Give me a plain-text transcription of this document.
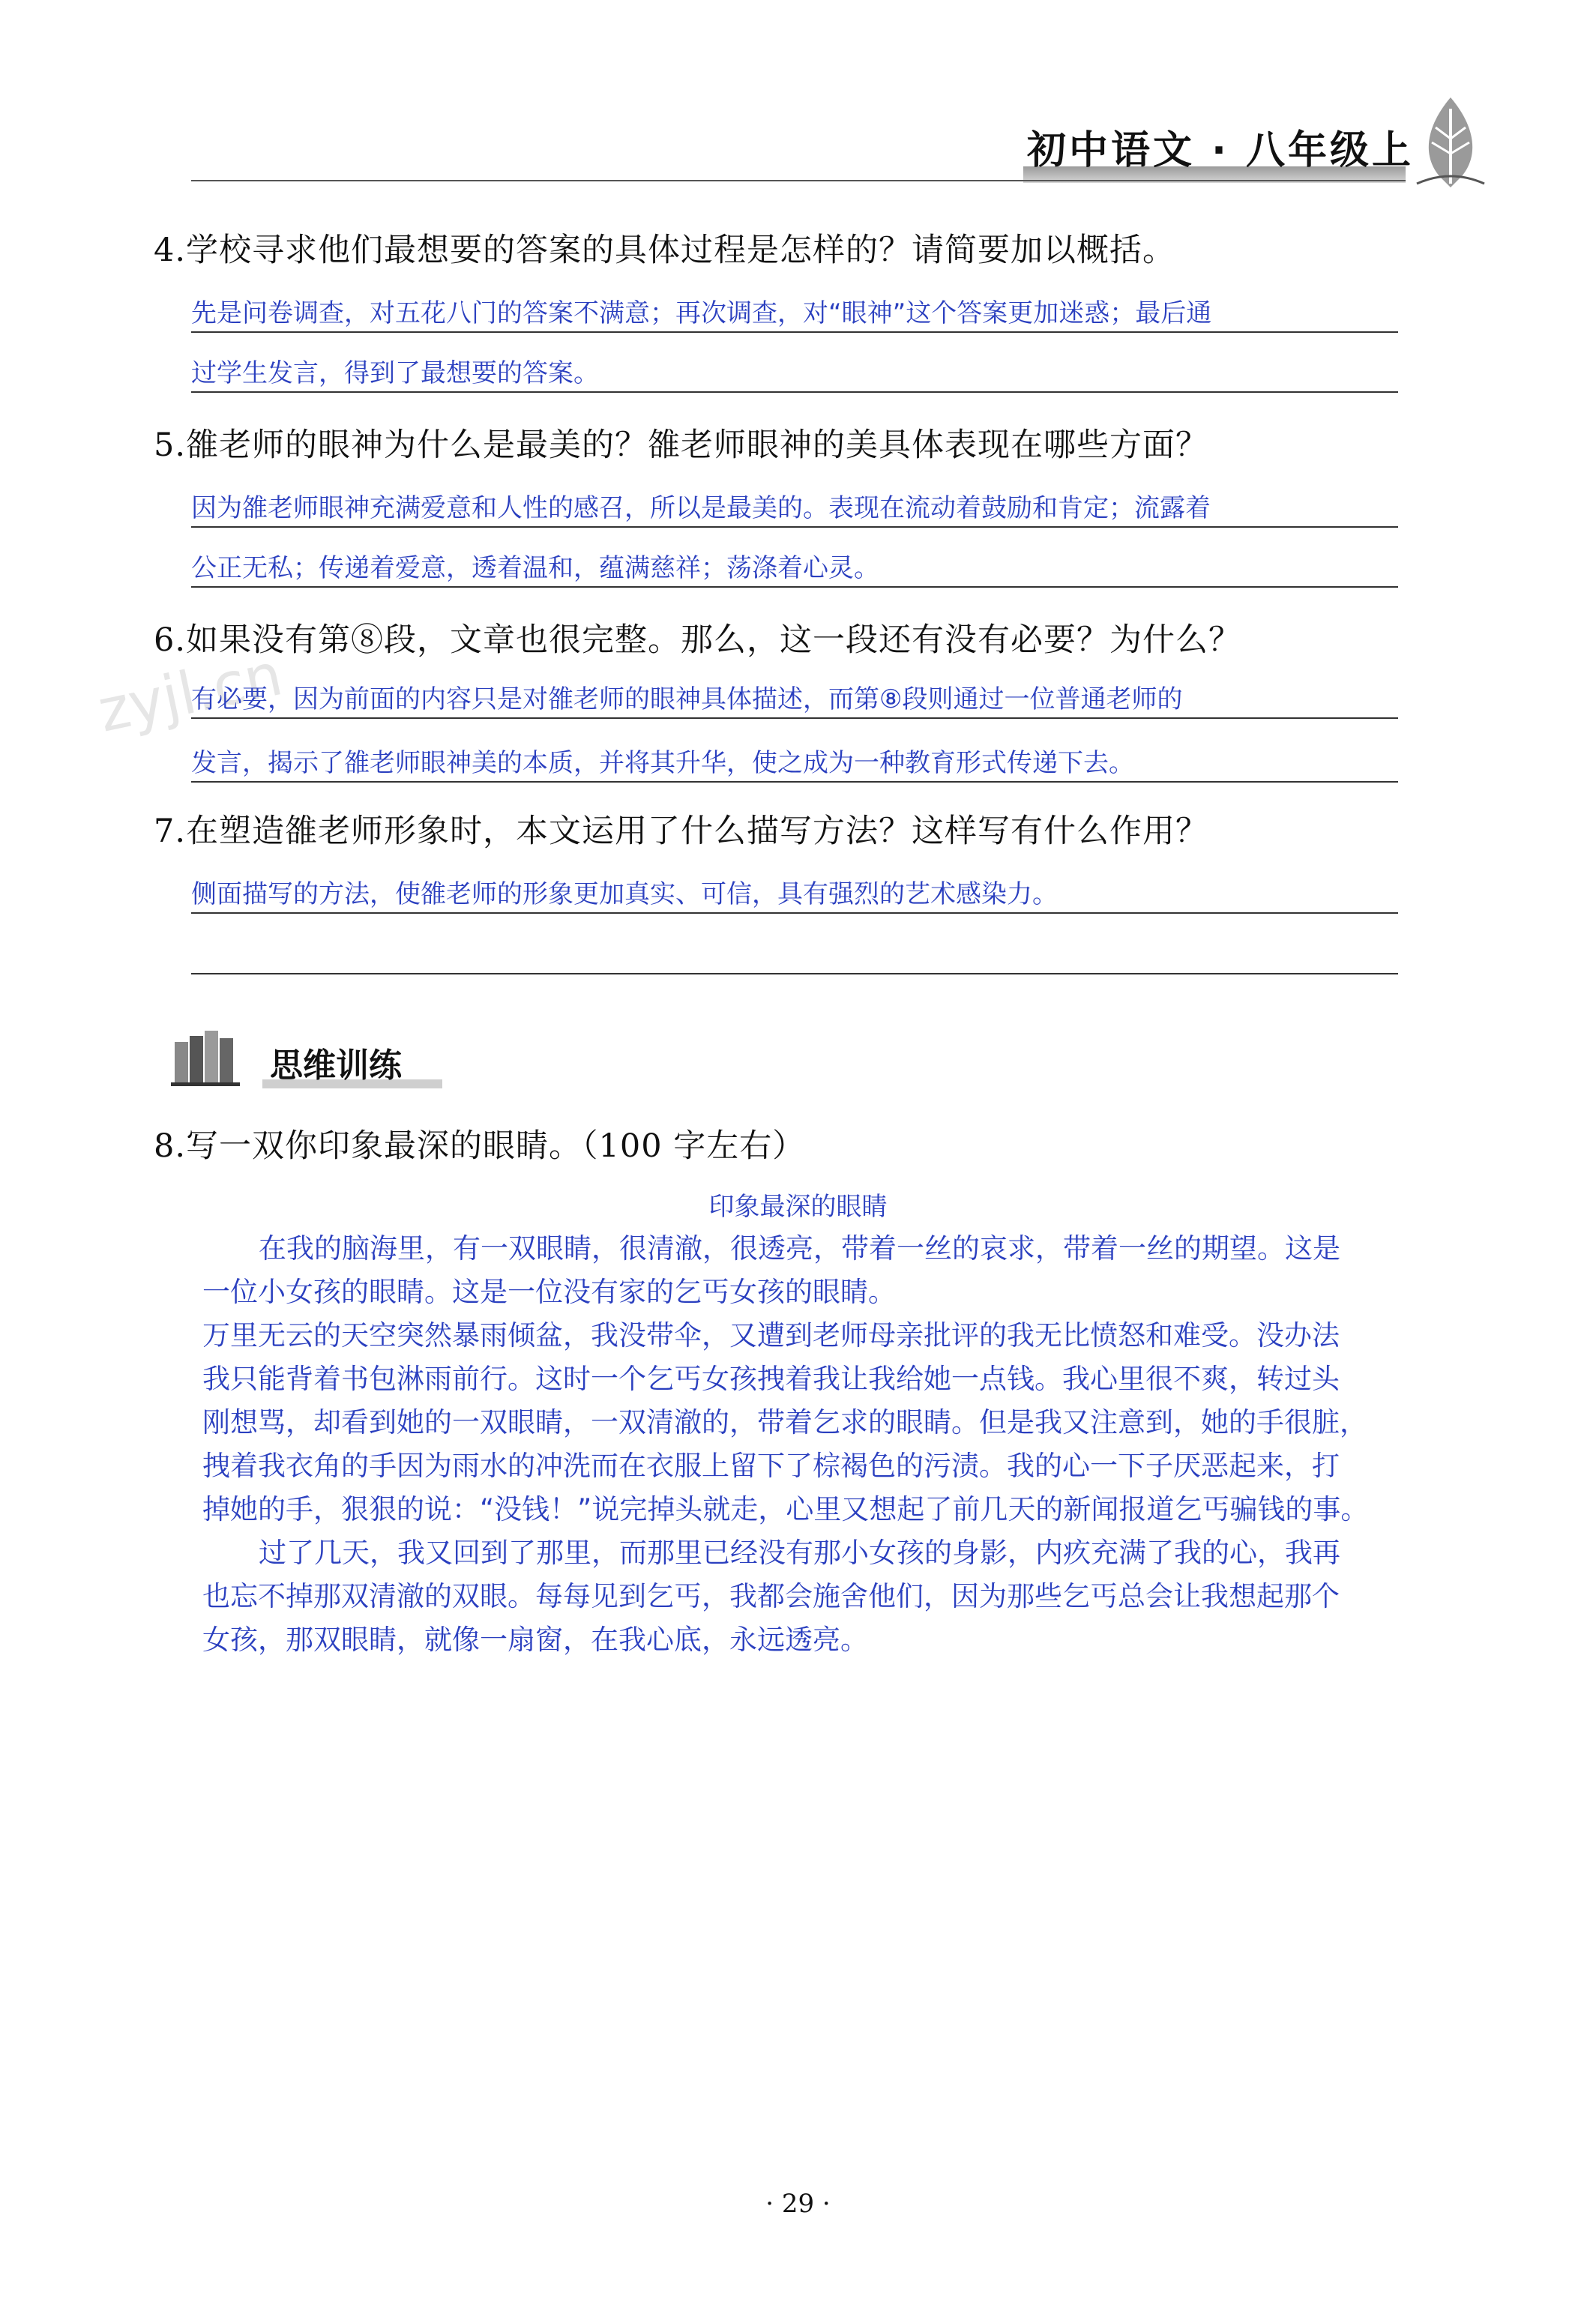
初中语文 · 八年级上
zyjl.cn
4.学校寻求他们最想要的答案的具体过程是怎样的？请简要加以概括。
先是问卷调查，对五花八门的答案不满意；再次调查，对“眼神”这个答案更加迷惑；最后通
过学生发言，得到了最想要的答案。
5.雒老师的眼神为什么是最美的？雒老师眼神的美具体表现在哪些方面？
因为雒老师眼神充满爱意和人性的感召，所以是最美的。表现在流动着鼓励和肯定；流露着
公正无私；传递着爱意，透着温和，蕴满慈祥；荡涤着心灵。
6.如果没有第⑧段，文章也很完整。那么，这一段还有没有必要？为什么？
有必要，因为前面的内容只是对雒老师的眼神具体描述，而第⑧段则通过一位普通老师的
发言，揭示了雒老师眼神美的本质，并将其升华，使之成为一种教育形式传递下去。
7.在塑造雒老师形象时，本文运用了什么描写方法？这样写有什么作用？
侧面描写的方法，使雒老师的形象更加真实、可信，具有强烈的艺术感染力。
思维训练
8.写一双你印象最深的眼睛。（100 字左右）
印象最深的眼睛
在我的脑海里，有一双眼睛，很清澈，很透亮，带着一丝的哀求，带着一丝的期望。这是
一位小女孩的眼睛。这是一位没有家的乞丐女孩的眼睛。
万里无云的天空突然暴雨倾盆，我没带伞，又遭到老师母亲批评的我无比愤怒和难受。没办法
我只能背着书包淋雨前行。这时一个乞丐女孩拽着我让我给她一点钱。我心里很不爽，转过头
刚想骂，却看到她的一双眼睛，一双清澈的，带着乞求的眼睛。但是我又注意到，她的手很脏，
拽着我衣角的手因为雨水的冲洗而在衣服上留下了棕褐色的污渍。我的心一下子厌恶起来，打
掉她的手，狠狠的说：“没钱！”说完掉头就走，心里又想起了前几天的新闻报道乞丐骗钱的事。
过了几天，我又回到了那里，而那里已经没有那小女孩的身影，内疚充满了我的心，我再
也忘不掉那双清澈的双眼。每每见到乞丐，我都会施舍他们，因为那些乞丐总会让我想起那个
女孩，那双眼睛，就像一扇窗，在我心底，永远透亮。
· 29 ·
